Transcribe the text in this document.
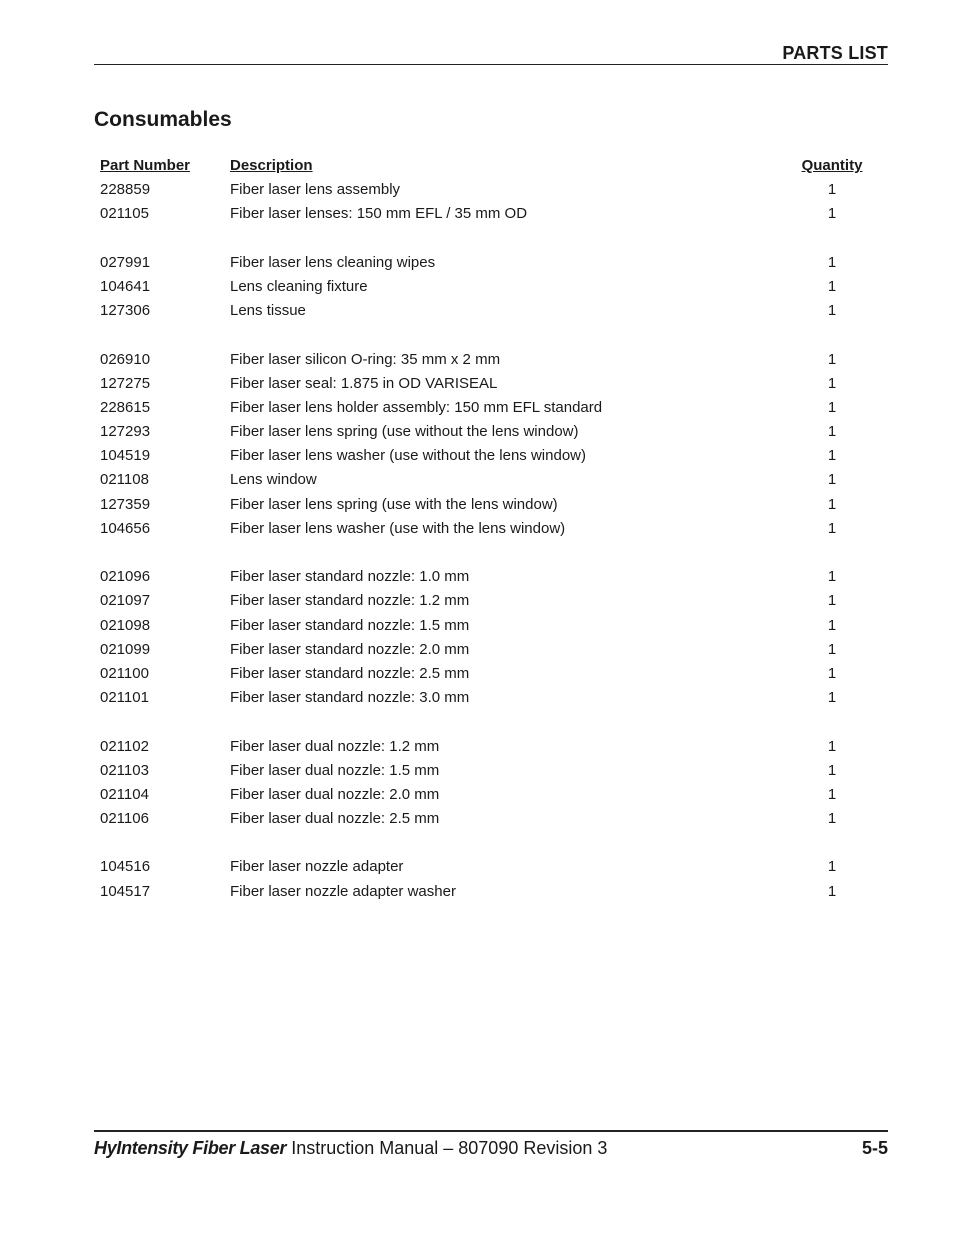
PARTS LIST
Consumables
Part Number	Description	Quantity
228859	Fiber laser lens assembly	1
021105	Fiber laser lenses: 150 mm EFL / 35 mm OD	1
027991	Fiber laser lens cleaning wipes	1
104641	Lens cleaning fixture	1
127306	Lens tissue	1
026910	Fiber laser silicon O-ring: 35 mm x 2 mm	1
127275	Fiber laser seal: 1.875 in OD VARISEAL	1
228615	Fiber laser lens holder assembly: 150 mm EFL standard	1
127293	Fiber laser lens spring (use without the lens window)	1
104519	Fiber laser lens washer (use without the lens window)	1
021108	Lens window	1
127359	Fiber laser lens spring (use with the lens window)	1
104656	Fiber laser lens washer (use with the lens window)	1
021096	Fiber laser standard nozzle: 1.0 mm	1
021097	Fiber laser standard nozzle: 1.2 mm	1
021098	Fiber laser standard nozzle: 1.5 mm	1
021099	Fiber laser standard nozzle: 2.0 mm	1
021100	Fiber laser standard nozzle: 2.5 mm	1
021101	Fiber laser standard nozzle: 3.0 mm	1
021102	Fiber laser dual nozzle: 1.2 mm	1
021103	Fiber laser dual nozzle: 1.5 mm	1
021104	Fiber laser dual nozzle: 2.0 mm	1
021106	Fiber laser dual nozzle: 2.5 mm	1
104516	Fiber laser nozzle adapter	1
104517	Fiber laser nozzle adapter washer	1
HyIntensity Fiber Laser Instruction Manual – 807090 Revision 3	5-5
